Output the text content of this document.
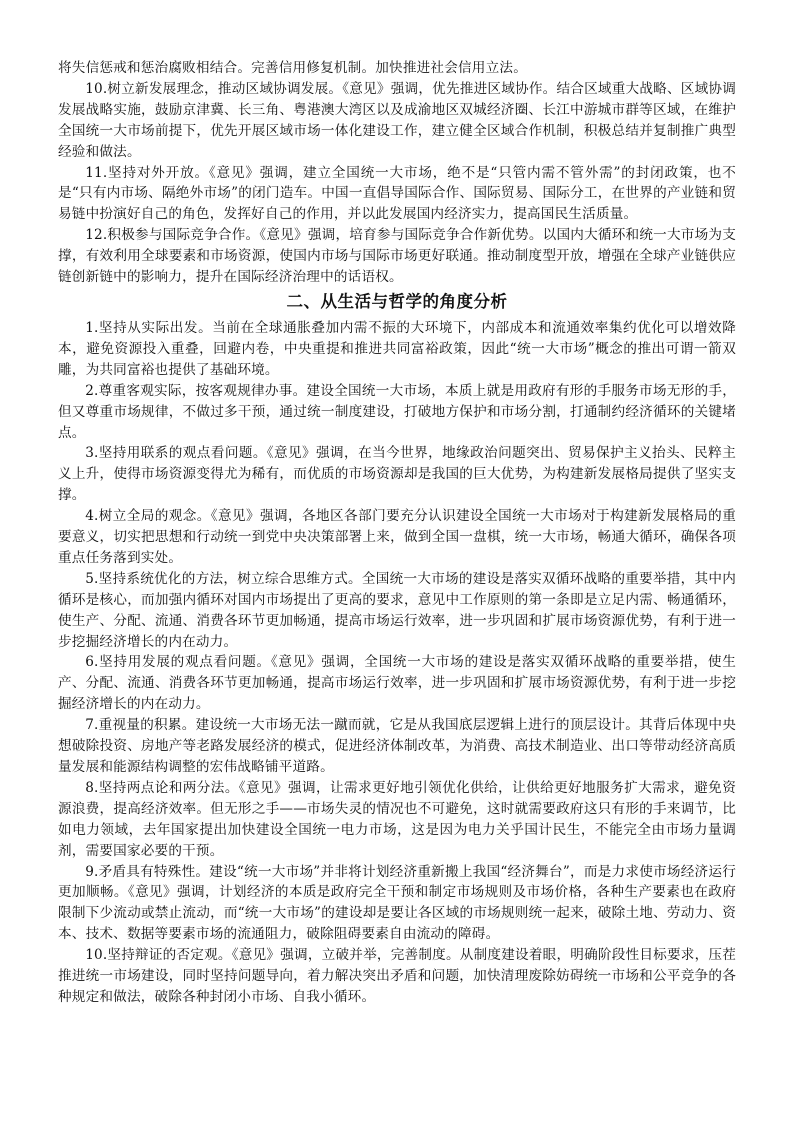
将失信惩戒和惩治腐败相结合。完善信用修复机制。加快推进社会信用立法。

10.树立新发展理念，推动区域协调发展。《意见》强调，优先推进区域协作。结合区域重大战略、区域协调发展战略实施，鼓励京津冀、长三角、粤港澳大湾区以及成渝地区双城经济圈、长江中游城市群等区域，在维护全国统一大市场前提下，优先开展区域市场一体化建设工作，建立健全区域合作机制，积极总结并复制推广典型经验和做法。

11.坚持对外开放。《意见》强调，建立全国统一大市场，绝不是“只管内需不管外需”的封闭政策，也不是“只有内市场、隔绝外市场”的闭门造车。中国一直倡导国际合作、国际贸易、国际分工，在世界的产业链和贸易链中扮演好自己的角色，发挥好自己的作用，并以此发展国内经济实力，提高国民生活质量。

12.积极参与国际竞争合作。《意见》强调，培育参与国际竞争合作新优势。以国内大循环和统一大市场为支撑，有效利用全球要素和市场资源，使国内市场与国际市场更好联通。推动制度型开放，增强在全球产业链供应链创新链中的影响力，提升在国际经济治理中的话语权。

二、从生活与哲学的角度分析

1.坚持从实际出发。当前在全球通胀叠加内需不振的大环境下，内部成本和流通效率集约优化可以增效降本，避免资源投入重叠，回避内卷，中央重提和推进共同富裕政策，因此“统一大市场”概念的推出可谓一箭双雕，为共同富裕也提供了基础环境。

2.尊重客观实际，按客观规律办事。建设全国统一大市场，本质上就是用政府有形的手服务市场无形的手，但又尊重市场规律，不做过多干预，通过统一制度建设，打破地方保护和市场分割，打通制约经济循环的关键堵点。

3.坚持用联系的观点看问题。《意见》强调，在当今世界，地缘政治问题突出、贸易保护主义抬头、民粹主义上升，使得市场资源变得尤为稀有，而优质的市场资源却是我国的巨大优势，为构建新发展格局提供了坚实支撑。

4.树立全局的观念。《意见》强调，各地区各部门要充分认识建设全国统一大市场对于构建新发展格局的重要意义，切实把思想和行动统一到党中央决策部署上来，做到全国一盘棋，统一大市场，畅通大循环，确保各项重点任务落到实处。

5.坚持系统优化的方法，树立综合思维方式。全国统一大市场的建设是落实双循环战略的重要举措，其中内循环是核心，而加强内循环对国内市场提出了更高的要求，意见中工作原则的第一条即是立足内需、畅通循环，使生产、分配、流通、消费各环节更加畅通，提高市场运行效率，进一步巩固和扩展市场资源优势，有利于进一步挖掘经济增长的内在动力。

6.坚持用发展的观点看问题。《意见》强调，全国统一大市场的建设是落实双循环战略的重要举措，使生产、分配、流通、消费各环节更加畅通，提高市场运行效率，进一步巩固和扩展市场资源优势，有利于进一步挖掘经济增长的内在动力。

7.重视量的积累。建设统一大市场无法一蹴而就，它是从我国底层逻辑上进行的顶层设计。其背后体现中央想破除投资、房地产等老路发展经济的模式，促进经济体制改革，为消费、高技术制造业、出口等带动经济高质量发展和能源结构调整的宏伟战略铺平道路。

8.坚持两点论和两分法。《意见》强调，让需求更好地引领优化供给，让供给更好地服务扩大需求，避免资源浪费，提高经济效率。但无形之手——市场失灵的情况也不可避免，这时就需要政府这只有形的手来调节，比如电力领域，去年国家提出加快建设全国统一电力市场，这是因为电力关乎国计民生，不能完全由市场力量调剂，需要国家必要的干预。

9.矛盾具有特殊性。建设“统一大市场”并非将计划经济重新搬上我国“经济舞台”，而是力求使市场经济运行更加顺畅。《意见》强调，计划经济的本质是政府完全干预和制定市场规则及市场价格，各种生产要素也在政府限制下少流动或禁止流动，而“统一大市场”的建设却是要让各区域的市场规则统一起来，破除土地、劳动力、资本、技术、数据等要素市场的流通阻力，破除阻碍要素自由流动的障碍。

10.坚持辩证的否定观。《意见》强调，立破并举，完善制度。从制度建设着眼，明确阶段性目标要求，压茬推进统一市场建设，同时坚持问题导向，着力解决突出矛盾和问题，加快清理废除妨碍统一市场和公平竞争的各种规定和做法，破除各种封闭小市场、自我小循环。
